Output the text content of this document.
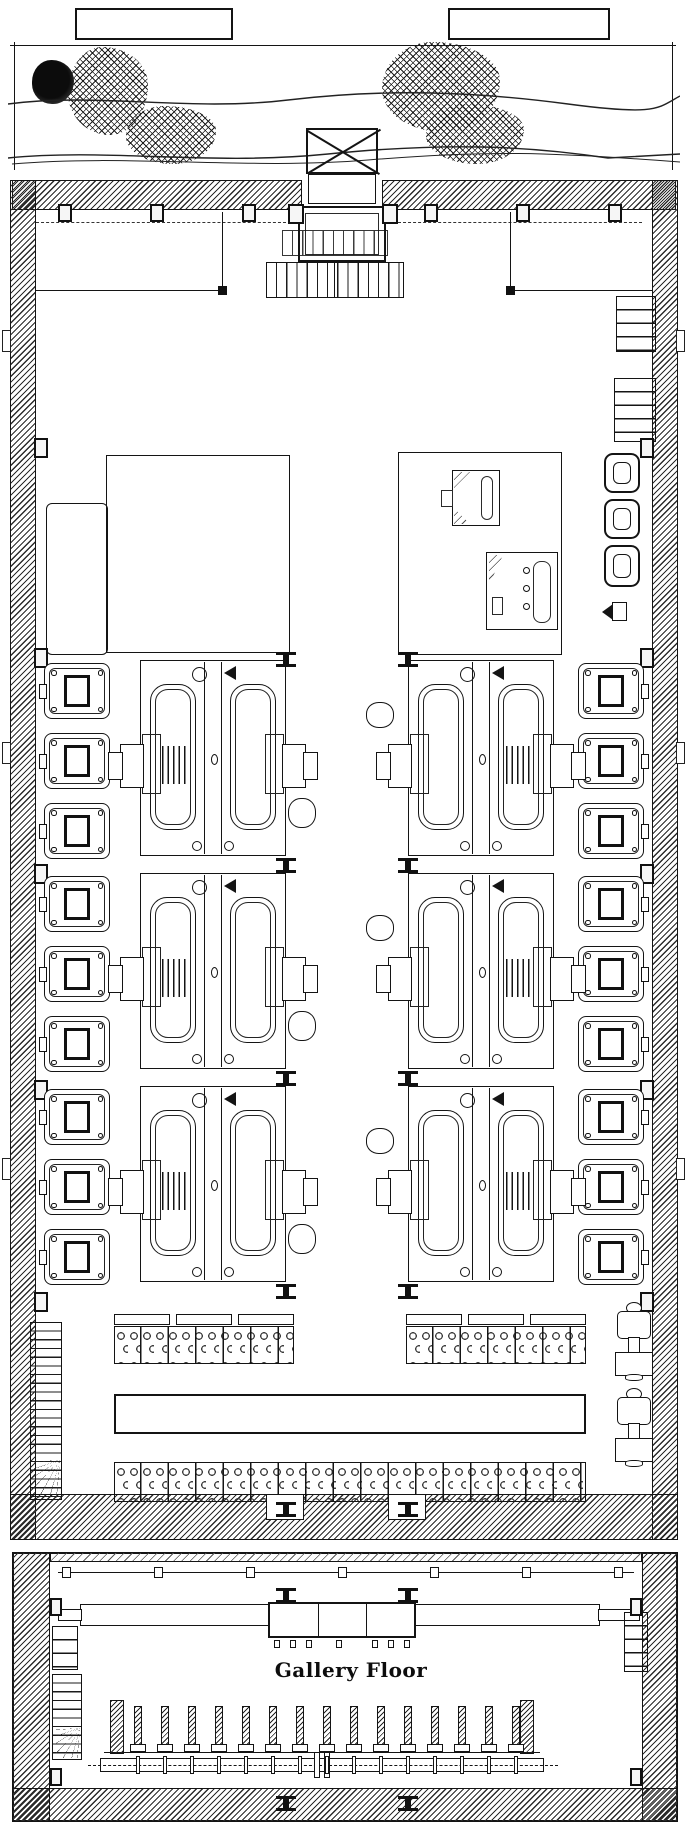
Gallery Floor
